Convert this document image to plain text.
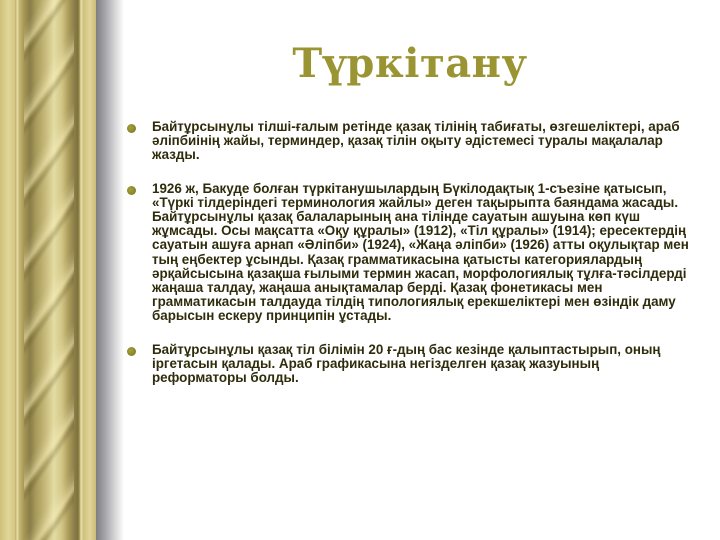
Түркітану

Байтұрсынұлы тілші-ғалым ретінде қазақ тілінің табиғаты, өзгешеліктері, араб әліпбиінің жайы, терминдер, қазақ тілін оқыту әдістемесі туралы мақалалар жазды.

1926 ж, Бакуде болған түркітанушылардың Бүкілодақтық 1-съезіне қатысып, «Түркі тілдеріндегі терминология жайлы» деген тақырыпта баяндама жасады. Байтұрсынұлы қазақ балаларының ана тілінде сауатын ашуына көп күш жұмсады. Осы мақсатта «Оқу құралы» (1912), «Тіл құралы» (1914); ересектердің сауатын ашуға арнап «Әліпби» (1924), «Жаңа әліпби» (1926) атты оқулықтар мен тың еңбектер ұсынды. Қазақ грамматикасына қатысты категориялардың әрқайсысына қазақша ғылыми термин жасап, морфологиялық тұлға-тәсілдерді жаңаша талдау, жаңаша анықтамалар берді. Қазақ фонетикасы мен грамматикасын талдауда тілдің типологиялық ерекшеліктері мен өзіндік даму барысын ескеру принципін ұстады.

Байтұрсынұлы қазақ тіл білімін 20 ғ-дың бас кезінде қалыптастырып, оның іргетасын қалады. Араб графикасына негізделген қазақ жазуының реформаторы болды.
